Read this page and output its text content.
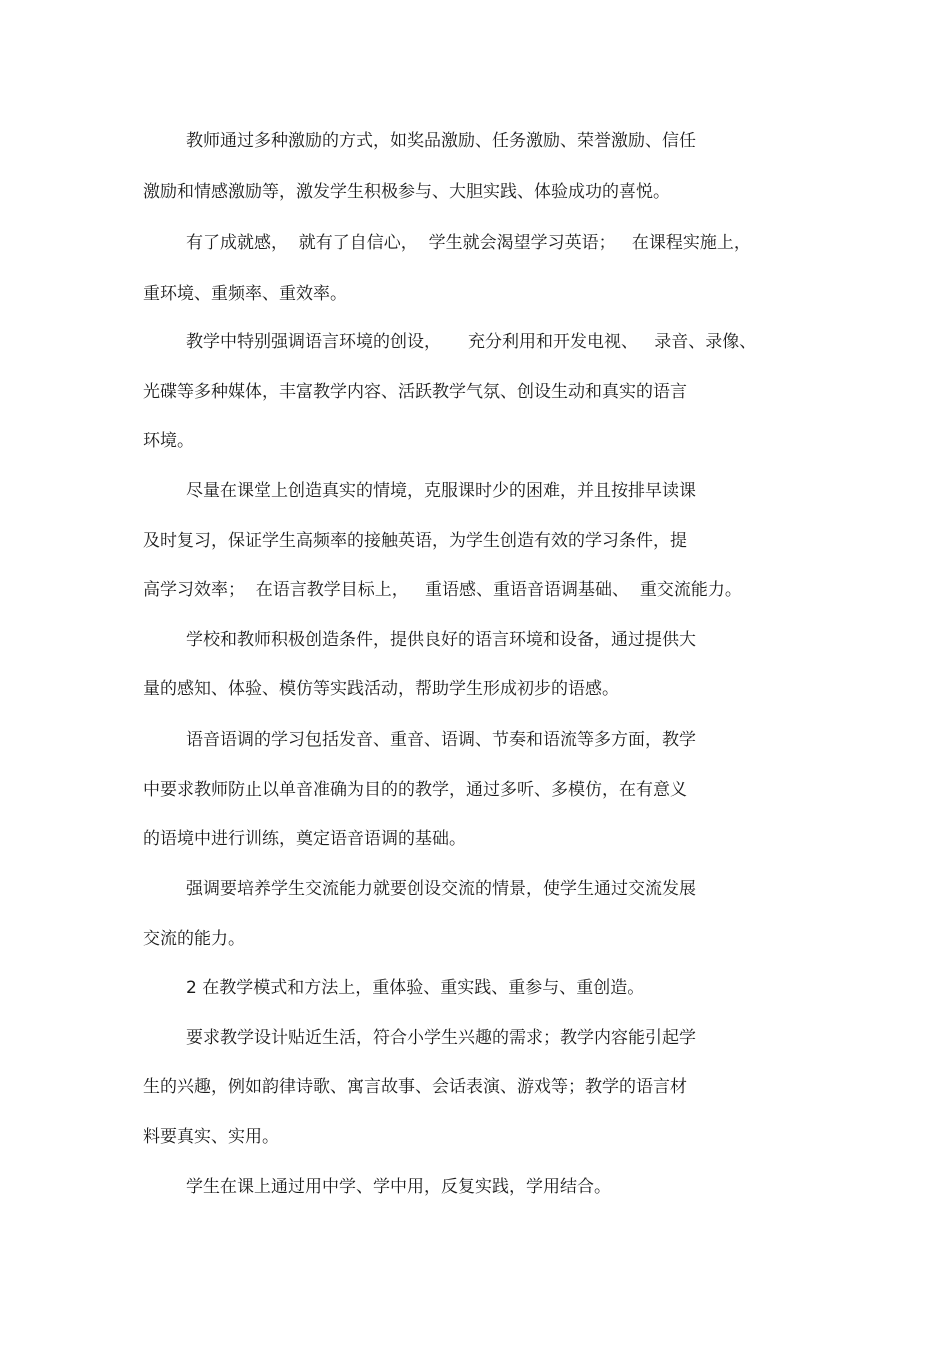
教师通过多种激励的方式，如奖品激励、任务激励、荣誉激励、信任

激励和情感激励等，激发学生积极参与、大胆实践、体验成功的喜悦。

有了成就感，  就有了自信心，  学生就会渴望学习英语；   在课程实施上，

重环境、重频率、重效率。

教学中特别强调语言环境的创设，     充分利用和开发电视、   录音、录像、

光碟等多种媒体，丰富教学内容、活跃教学气氛、创设生动和真实的语言

环境。

尽量在课堂上创造真实的情境，克服课时少的困难，并且按排早读课

及时复习，保证学生高频率的接触英语，为学生创造有效的学习条件，提

高学习效率；  在语言教学目标上，   重语感、重语音语调基础、  重交流能力。

学校和教师积极创造条件，提供良好的语言环境和设备，通过提供大

量的感知、体验、模仿等实践活动，帮助学生形成初步的语感。

语音语调的学习包括发音、重音、语调、节奏和语流等多方面，教学

中要求教师防止以单音准确为目的的教学，通过多听、多模仿，在有意义

的语境中进行训练，奠定语音语调的基础。

强调要培养学生交流能力就要创设交流的情景，使学生通过交流发展

交流的能力。

2 在教学模式和方法上，重体验、重实践、重参与、重创造。

要求教学设计贴近生活，符合小学生兴趣的需求；教学内容能引起学

生的兴趣，例如韵律诗歌、寓言故事、会话表演、游戏等；教学的语言材

料要真实、实用。

学生在课上通过用中学、学中用，反复实践，学用结合。
